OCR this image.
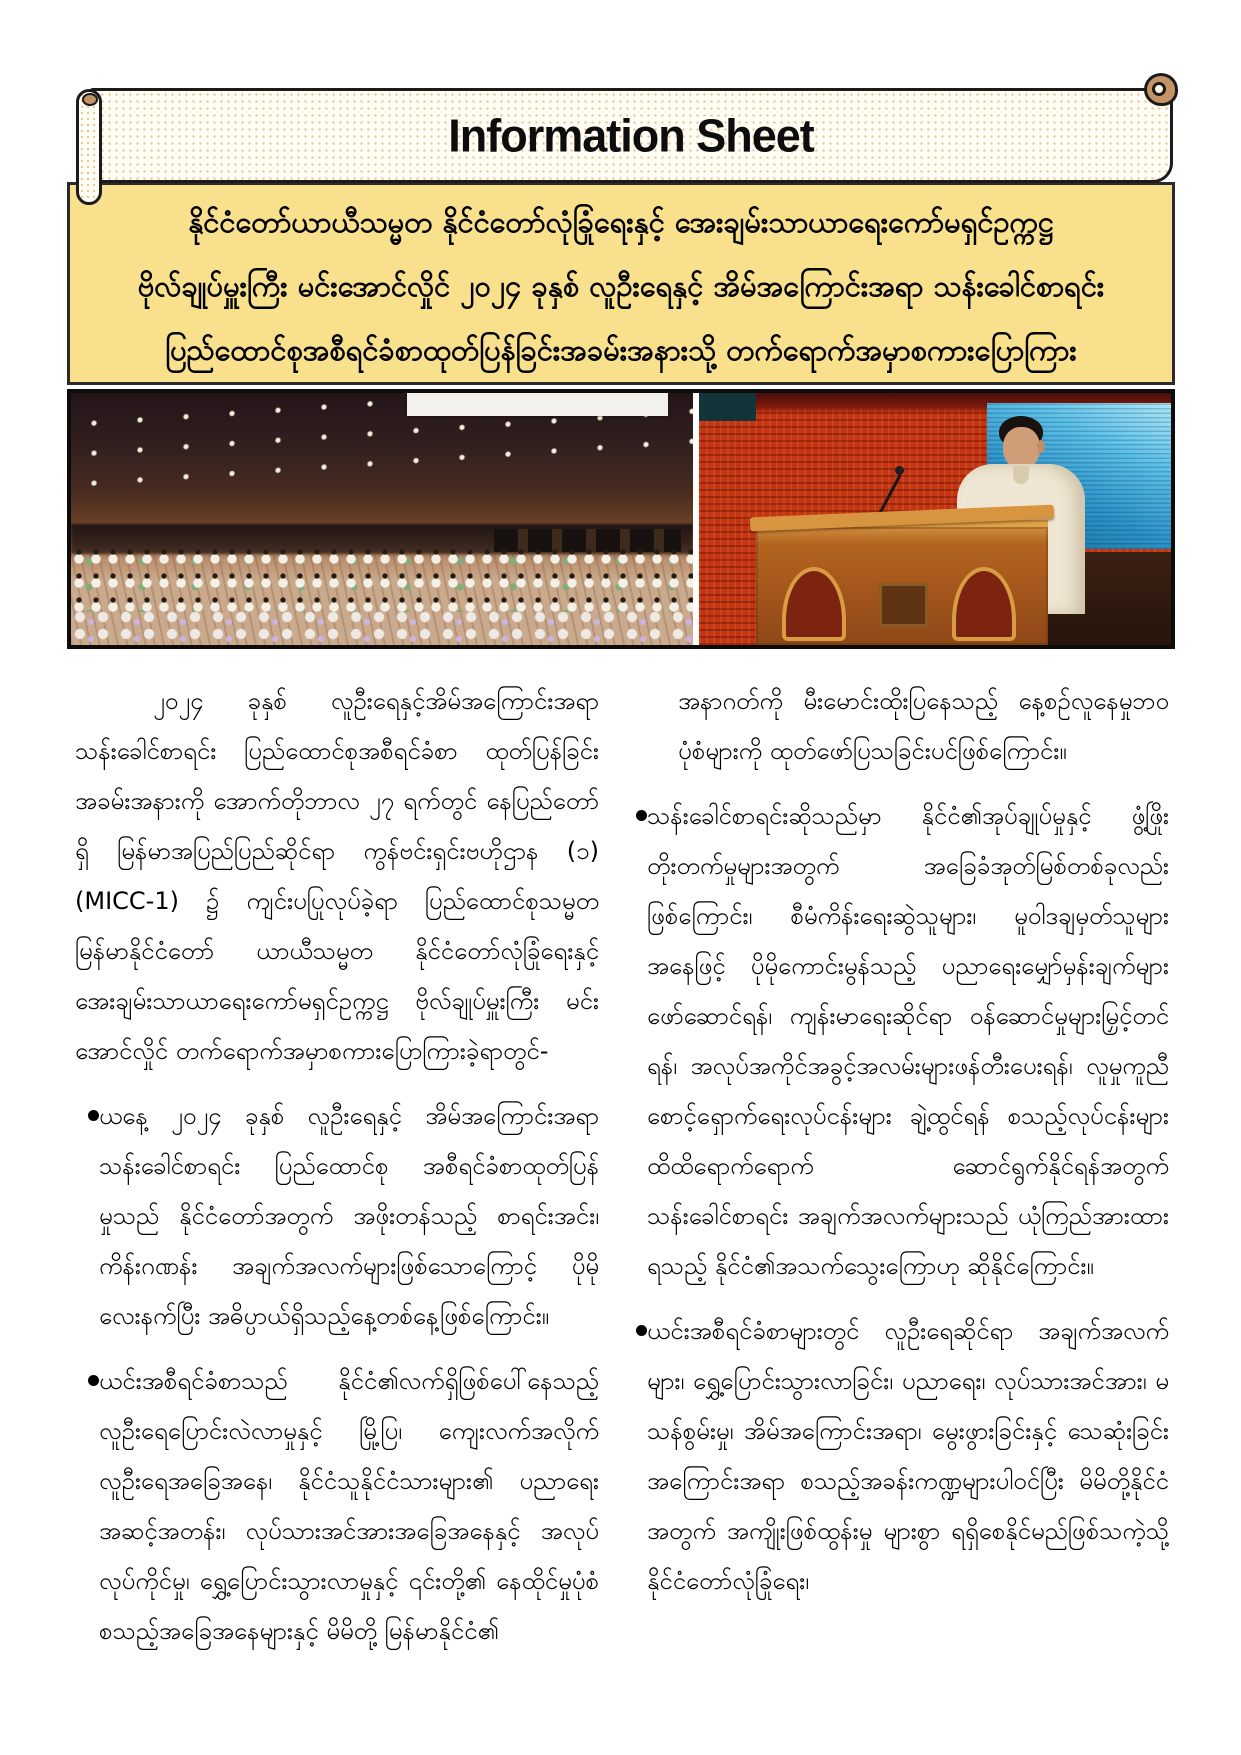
Information Sheet
နိုင်ငံတော်ယာယီသမ္မတ နိုင်ငံတော်လုံခြုံရေးနှင့် အေးချမ်းသာယာရေးကော်မရှင်ဥက္ကဋ္ဌ
ဗိုလ်ချုပ်မှူးကြီး မင်းအောင်လှိုင် ၂၀၂၄ ခုနှစ် လူဦးရေနှင့် အိမ်အကြောင်းအရာ သန်းခေါင်စာရင်း
ပြည်ထောင်စုအစီရင်ခံစာထုတ်ပြန်ခြင်းအခမ်းအနားသို့ တက်ရောက်အမှာစကားပြောကြား

၂၀၂၄ ခုနှစ် လူဦးရေနှင့်အိမ်အကြောင်းအရာ သန်းခေါင်စာရင်း ပြည်ထောင်စုအစီရင်ခံစာ ထုတ်ပြန်ခြင်းအခမ်းအနားကို အောက်တိုဘာလ ၂၇ ရက်တွင် နေပြည်တော်ရှိ မြန်မာအပြည်ပြည်ဆိုင်ရာ ကွန်ဗင်းရှင်းဗဟိုဌာန (၁) (MICC-1) ၌ ကျင်းပပြုလုပ်ခဲ့ရာ ပြည်ထောင်စုသမ္မတမြန်မာနိုင်ငံတော် ယာယီသမ္မတ နိုင်ငံတော်လုံခြုံရေးနှင့် အေးချမ်းသာယာရေးကော်မရှင်ဥက္ကဋ္ဌ ဗိုလ်ချုပ်မှူးကြီး မင်းအောင်လှိုင် တက်ရောက်အမှာစကားပြောကြားခဲ့ရာတွင်-

ယနေ့ ၂၀၂၄ ခုနှစ် လူဦးရေနှင့် အိမ်အကြောင်းအရာ သန်းခေါင်စာရင်း ပြည်ထောင်စု အစီရင်ခံစာထုတ်ပြန်မှုသည် နိုင်ငံတော်အတွက် အဖိုးတန်သည့် စာရင်းအင်း၊ ကိန်းဂဏန်း အချက်အလက်များဖြစ်သောကြောင့် ပိုမိုလေးနက်ပြီး အဓိပ္ပာယ်ရှိသည့်နေ့တစ်နေ့ဖြစ်ကြောင်း။

ယင်းအစီရင်ခံစာသည် နိုင်ငံ၏လက်ရှိဖြစ်ပေါ်နေသည့် လူဦးရေပြောင်းလဲလာမှုနှင့် မြို့ပြ၊ ကျေးလက်အလိုက် လူဦးရေအခြေအနေ၊ နိုင်ငံသူနိုင်ငံသားများ၏ ပညာရေးအဆင့်အတန်း၊ လုပ်သားအင်အားအခြေအနေနှင့် အလုပ်လုပ်ကိုင်မှု၊ ရွှေ့ပြောင်းသွားလာမှုနှင့် ၎င်းတို့၏ နေထိုင်မှုပုံစံ စသည့်အခြေအနေများနှင့် မိမိတို့ မြန်မာနိုင်ငံ၏

အနာဂတ်ကို မီးမောင်းထိုးပြနေသည့် နေ့စဉ်လူနေမှုဘဝပုံစံများကို ထုတ်ဖော်ပြသခြင်းပင်ဖြစ်ကြောင်း။

သန်းခေါင်စာရင်းဆိုသည်မှာ နိုင်ငံ၏အုပ်ချုပ်မှုနှင့် ဖွံ့ဖြိုးတိုးတက်မှုများအတွက် အခြေခံအုတ်မြစ်တစ်ခုလည်းဖြစ်ကြောင်း၊ စီမံကိန်းရေးဆွဲသူများ၊ မူဝါဒချမှတ်သူများအနေဖြင့် ပိုမိုကောင်းမွန်သည့် ပညာရေးမျှော်မှန်းချက်များဖော်ဆောင်ရန်၊ ကျန်းမာရေးဆိုင်ရာ ဝန်ဆောင်မှုများမြှင့်တင်ရန်၊ အလုပ်အကိုင်အခွင့်အလမ်းများဖန်တီးပေးရန်၊ လူမှုကူညီစောင့်ရှောက်ရေးလုပ်ငန်းများ ချဲ့ထွင်ရန် စသည့်လုပ်ငန်းများ ထိထိရောက်ရောက် ဆောင်ရွက်နိုင်ရန်အတွက် သန်းခေါင်စာရင်း အချက်အလက်များသည် ယုံကြည်အားထားရသည့် နိုင်ငံ၏အသက်သွေးကြောဟု ဆိုနိုင်ကြောင်း။

ယင်းအစီရင်ခံစာများတွင် လူဦးရေဆိုင်ရာ အချက်အလက်များ၊ ရွှေ့ပြောင်းသွားလာခြင်း၊ ပညာရေး၊ လုပ်သားအင်အား၊ မသန်စွမ်းမှု၊ အိမ်အကြောင်းအရာ၊ မွေးဖွားခြင်းနှင့် သေဆုံးခြင်းအကြောင်းအရာ စသည့်အခန်းကဏ္ဍများပါဝင်ပြီး မိမိတို့နိုင်ငံအတွက် အကျိုးဖြစ်ထွန်းမှု များစွာ ရရှိစေနိုင်မည်ဖြစ်သကဲ့သို့ နိုင်ငံတော်လုံခြုံရေး၊
